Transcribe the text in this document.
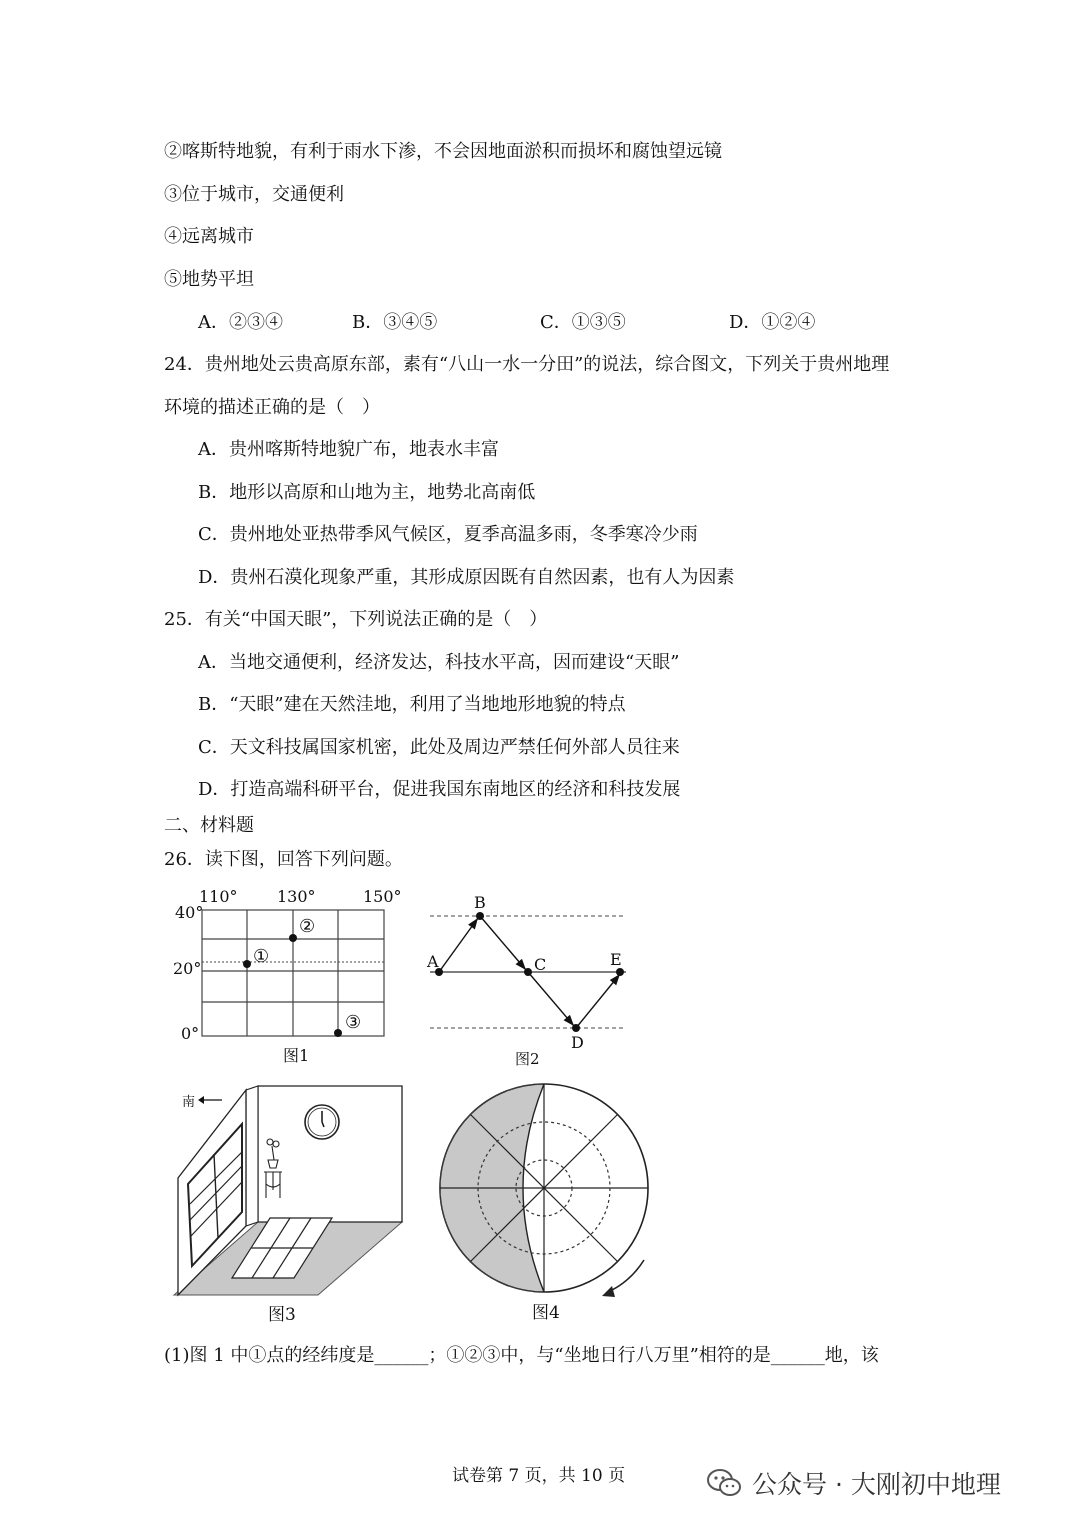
②喀斯特地貌，有利于雨水下渗，不会因地面淤积而损坏和腐蚀望远镜
③位于城市，交通便利
④远离城市
⑤地势平坦
A．②③④	B．③④⑤	C．①③⑤	D．①②④
24．贵州地处云贵高原东部，素有“八山一水一分田”的说法，综合图文，下列关于贵州地理
环境的描述正确的是（　）
A．贵州喀斯特地貌广布，地表水丰富
B．地形以高原和山地为主，地势北高南低
C．贵州地处亚热带季风气候区，夏季高温多雨，冬季寒冷少雨
D．贵州石漠化现象严重，其形成原因既有自然因素，也有人为因素
25．有关“中国天眼”，下列说法正确的是（　）
A．当地交通便利，经济发达，科技水平高，因而建设“天眼”
B．“天眼”建在天然洼地，利用了当地地形地貌的特点
C．天文科技属国家机密，此处及周边严禁任何外部人员往来
D．打造高端科研平台，促进我国东南地区的经济和科技发展
二、材料题
26．读下图，回答下列问题。
110° 130°	150°
40°
20°
0°
①
②
③
图1
A
B
C
D
E
图2
南
图3	图4
(1)图 1 中①点的经纬度是______；①②③中，与“坐地日行八万里”相符的是______地，该
试卷第 7 页，共 10 页	公众号 · 大刚初中地理
